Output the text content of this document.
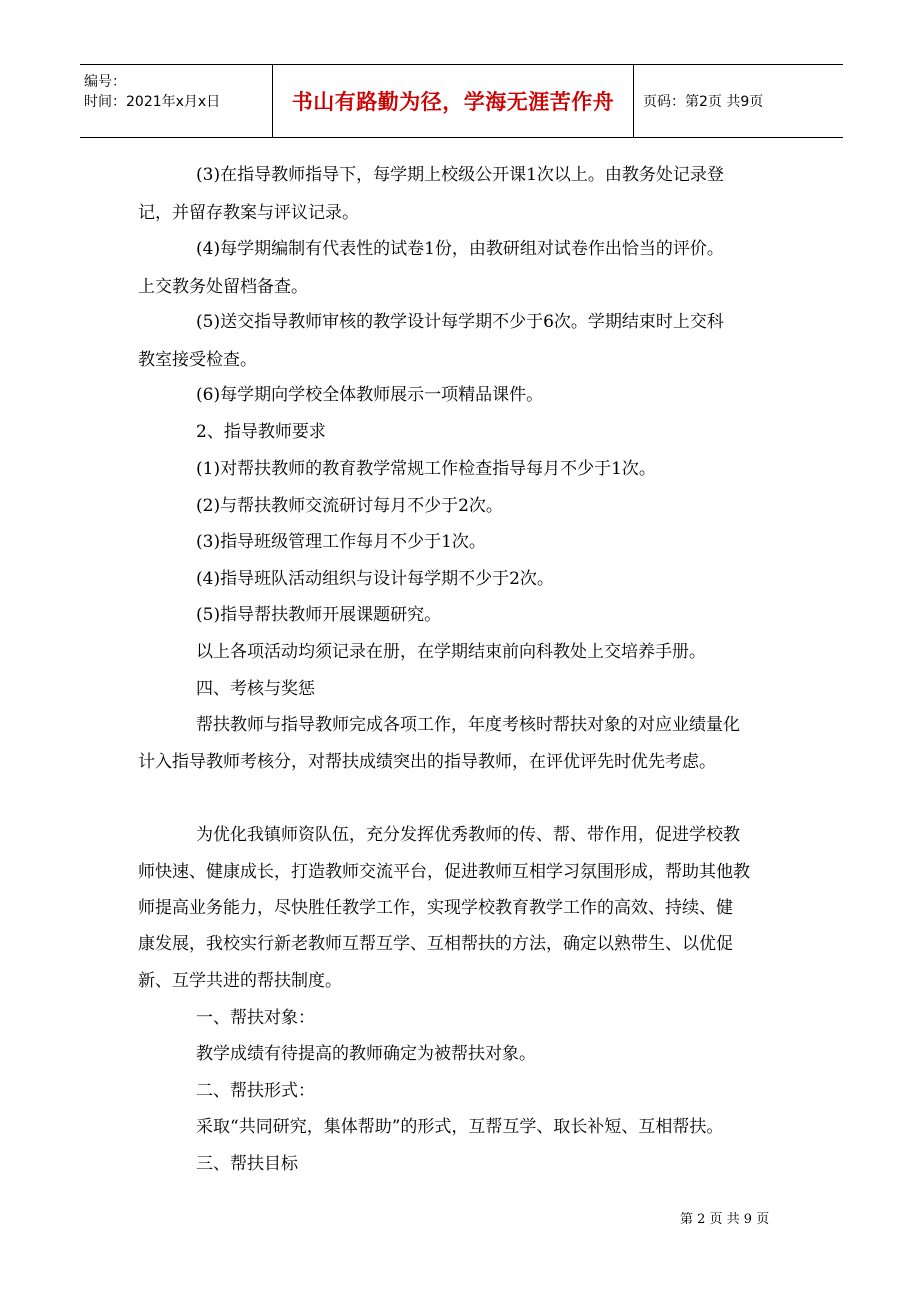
编号：
时间：2021年x月x日	书山有路勤为径，学海无涯苦作舟 页码：第2页 共9页
(3)在指导教师指导下，每学期上校级公开课1次以上。由教务处记录登
记，并留存教案与评议记录。
(4)每学期编制有代表性的试卷1份，由教研组对试卷作出恰当的评价。
上交教务处留档备查。
(5)送交指导教师审核的教学设计每学期不少于6次。学期结束时上交科
教室接受检查。
(6)每学期向学校全体教师展示一项精品课件。
2、指导教师要求
(1)对帮扶教师的教育教学常规工作检查指导每月不少于1次。
(2)与帮扶教师交流研讨每月不少于2次。
(3)指导班级管理工作每月不少于1次。
(4)指导班队活动组织与设计每学期不少于2次。
(5)指导帮扶教师开展课题研究。
以上各项活动均须记录在册，在学期结束前向科教处上交培养手册。
四、考核与奖惩
帮扶教师与指导教师完成各项工作，年度考核时帮扶对象的对应业绩量化
计入指导教师考核分，对帮扶成绩突出的指导教师，在评优评先时优先考虑。
为优化我镇师资队伍，充分发挥优秀教师的传、帮、带作用，促进学校教
师快速、健康成长，打造教师交流平台，促进教师互相学习氛围形成，帮助其他教
师提高业务能力，尽快胜任教学工作，实现学校教育教学工作的高效、持续、健
康发展，我校实行新老教师互帮互学、互相帮扶的方法，确定以熟带生、以优促
新、互学共进的帮扶制度。
一、帮扶对象：
教学成绩有待提高的教师确定为被帮扶对象。
二、帮扶形式：
采取“共同研究，集体帮助”的形式，互帮互学、取长补短、互相帮扶。
三、帮扶目标
第 2 页 共 9 页
